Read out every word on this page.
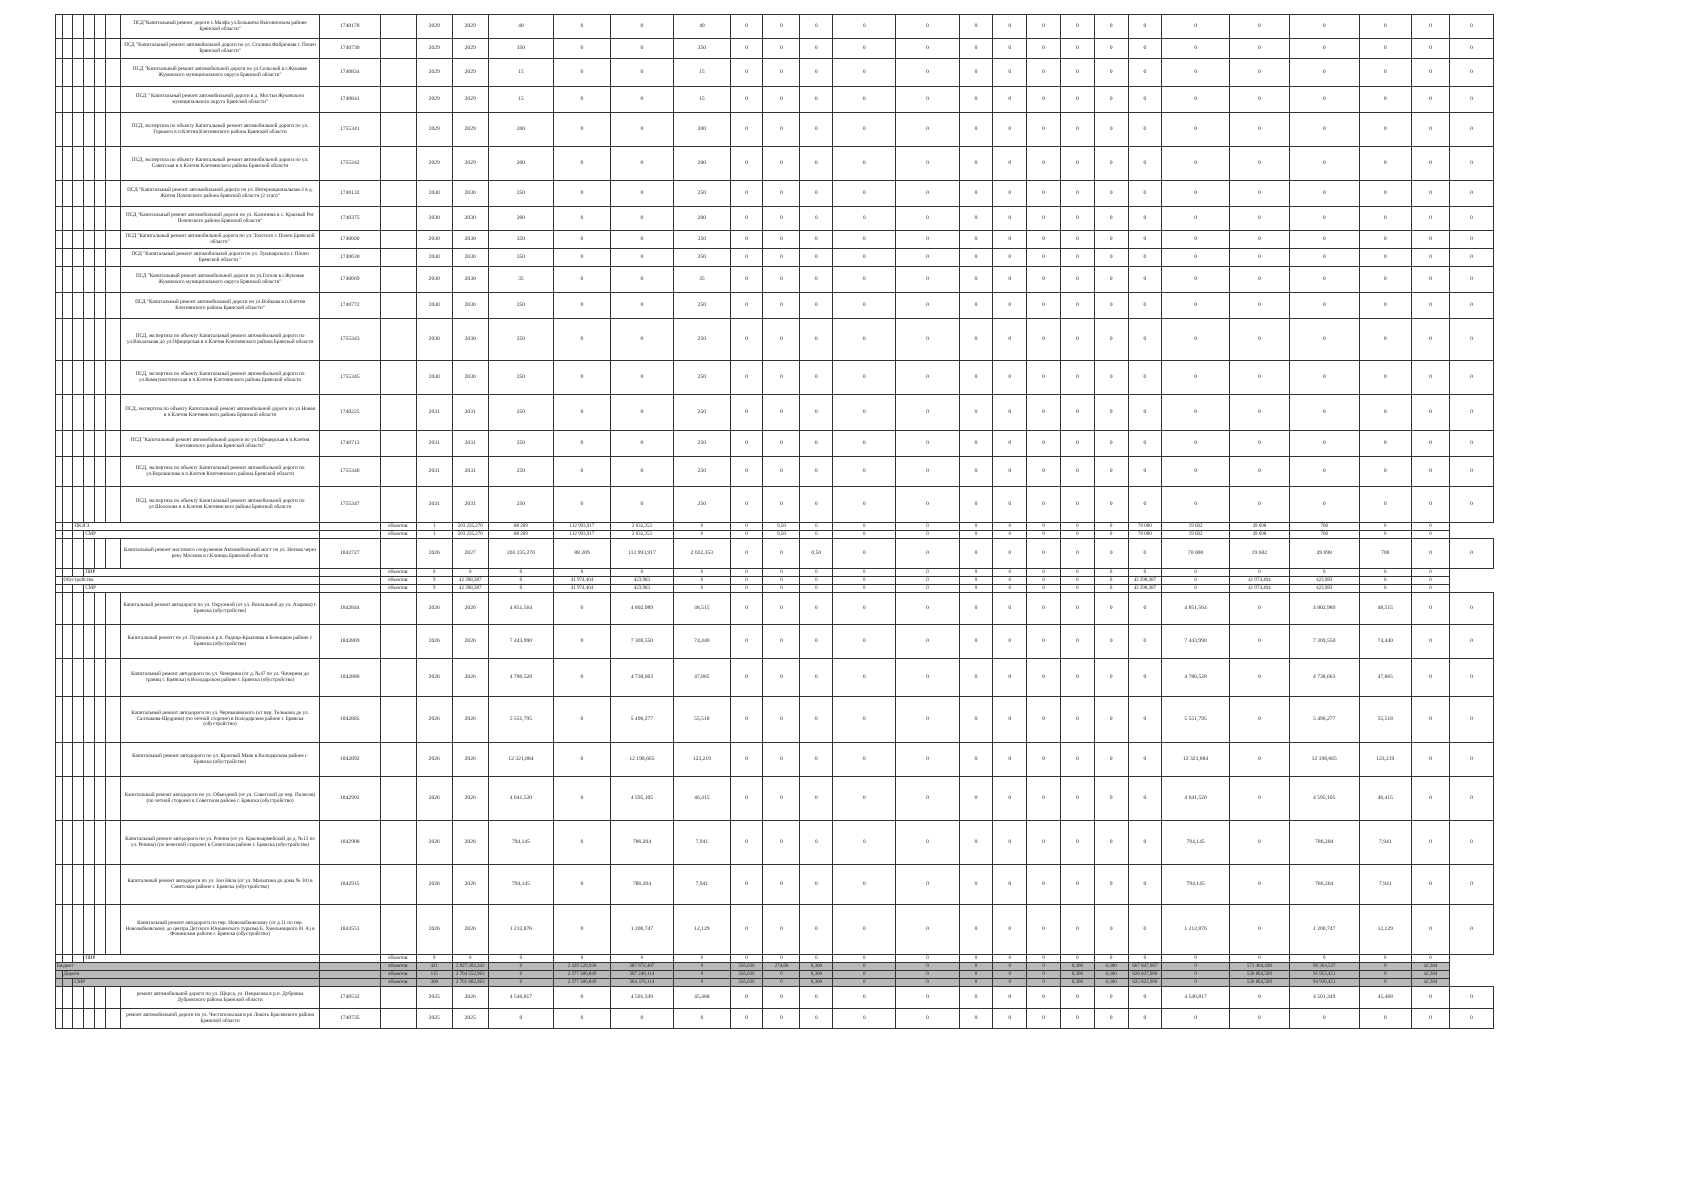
						ПСД"Капитальный ремонт дороги с.Малфа ул.Большеча Выгоничском районе Брянской области"	1740178		2029	2029	40	0	0	40	0	0	0	0	0	0	0	0	0	0	0	0	0	0	0	0	0
						ПСД "Капитальный ремонт автомобильной дороги по ул. Сталина Фабричная г. Почеп Брянской области"	1740730		2029	2029	350	0	0	350	0	0	0	0	0	0	0	0	0	0	0	0	0	0	0	0	0
						ПСД "Капитальный ремонт автомобильной дороги по ул.Сельской в г.Жуковке Жуковского муниципального округа Брянской области"	1740834		2029	2029	15	0	0	15	0	0	0	0	0	0	0	0	0	0	0	0	0	0	0	0	0
						ПСД " Капитальный ремонт автомобильной дороги в д. Мостки Жуковского муниципального округа Брянской области"	1740841		2029	2029	15	0	0	15	0	0	0	0	0	0	0	0	0	0	0	0	0	0	0	0	0
						ПСД, экспертиза по объекту Капитальный ремонт автомобильной дороги по ул. Горького в п.Клетня Клетнянского района Брянской области	1755341		2029	2029	200	0	0	200	0	0	0	0	0	0	0	0	0	0	0	0	0	0	0	0	0
						ПСД, экспертиза по объекту Капитальный ремонт автомобильной дороги по ул. Советская в п.Клетня Клетнянского района Брянской области	1755342		2029	2029	200	0	0	200	0	0	0	0	0	0	0	0	0	0	0	0	0	0	0	0	0
						ПСД "Капитальный ремонт автомобильной дороги по ул. Интернациональная-2 в д. Житня Почепского района Брянской области (2 этап)"	1740132		2030	2030	250	0	0	250	0	0	0	0	0	0	0	0	0	0	0	0	0	0	0	0	0
						ПСД "Капитальный ремонт автомобильной дороги по ул. Калинина в с. Красный Рог Почепского района Брянской области"	1740375		2030	2030	200	0	0	200	0	0	0	0	0	0	0	0	0	0	0	0	0	0	0	0	0
						ПСД "Капитальный ремонт автомобильной дороги по ул. Толстого г. Почеп Брянской области"	1740600		2030	2030	350	0	0	350	0	0	0	0	0	0	0	0	0	0	0	0	0	0	0	0	0
						ПСД "Капитальный ремонт автомобильной дороги по ул. Луначарского г. Почеп Брянской области "	1740630		2030	2030	350	0	0	350	0	0	0	0	0	0	0	0	0	0	0	0	0	0	0	0	0
						ПСД "Капитальный ремонт автомобильной дороги по ул.Гоголя в г.Жуковке Жуковского муниципального округа Брянской области"	1740669		2030	2030	35	0	0	35	0	0	0	0	0	0	0	0	0	0	0	0	0	0	0	0	0
						ПСД "Капитальный ремонт автомобильной дороги по ул.Войкова в п.Клетня Клетнянского района Брянской области"	1740772		2030	2030	250	0	0	250	0	0	0	0	0	0	0	0	0	0	0	0	0	0	0	0	0
						ПСД, экспертиза по объекту Капитальный ремонт автомобильной дороги по ул.Вокзальная до ул.Офицерская в п.Клетня Клетнянского района Брянской области	1755343		2030	2030	250	0	0	250	0	0	0	0	0	0	0	0	0	0	0	0	0	0	0	0	0
						ПСД, экспертиза по объекту Капитальный ремонт автомобильной дороги по ул.Коммунистическая в п.Клетня Клетнянского района Брянской области	1755345		2030	2030	250	0	0	250	0	0	0	0	0	0	0	0	0	0	0	0	0	0	0	0	0
						ПСД, экспертиза по объекту Капитальный ремонт автомобильной дороги по ул.Новая в п.Клетня Клетнянского района Брянской области	1740225		2031	2031	250	0	0	250	0	0	0	0	0	0	0	0	0	0	0	0	0	0	0	0	0
						ПСД "Капитальный ремонт автомобильной дороги по ул.Офицерская в п.Клетня Клетнянского района Брянской области"	1740713		2031	2031	250	0	0	250	0	0	0	0	0	0	0	0	0	0	0	0	0	0	0	0	0
						ПСД, экспертиза по объекту Капитальный ремонт автомобильной дороги по ул.Ворошилова в п.Клетня Клетнянского района Брянской области	1755346		2031	2031	250	0	0	250	0	0	0	0	0	0	0	0	0	0	0	0	0	0	0	0	0
						ПСД, экспертиза по объекту Капитальный ремонт автомобильной дороги по ул.Шолохова в п.Клетня Клетнянского района Брянской области	1755347		2031	2031	250	0	0	250	0	0	0	0	0	0	0	0	0	0	0	0	0	0	0	0	0
		ПКЗГЗ						объектов:	1	203 235,270	88 209	112 993,917	2 032,353	0	0	0,50	0	0	0	0	0	0	0	0	70 000	19 602	49 698	700	0	0	
			СМР					объектов:	1	203 235,270	88 209	112 993,917	2 032,353	0	0	0,50	0	0	0	0	0	0	0	0	70 000	19 602	49 698	700	0	0	
						Капитальный ремонт мостового сооружения Автомобильный мост по ул. Нотова через реку Москова в г.Клинцы Брянской области	1842727		2026	2027	203 235,270	88 209	112 993,917	2 032,353	0	0	0,50	0	0	0	0	0	0	0	0	70 000	19 602	49 698	700	0	0
			ПИР					объектов:	0	0	0	0	0	0	0	0	0	0	0	0	0	0	0	0	0	0	0	0	0	0	
	Обустройство							объектов:	9	42 398,387	0	41 974,404	423,983	0	0	0	0	0	0	0	0	0	0	0	42 398,387	0	41 974,404	423,983	0	0	
			СМР					объектов:	9	42 398,387	0	41 974,404	423,983	0	0	0	0	0	0	0	0	0	0	0	42 398,387	0	41 974,404	423,983	0	0	
						Капитальный ремонт автодороги по ул. Окружной (от ул. Вокзальной до ул. Азарова) г. Брянска (обустройство)	1842844		2026	2026	4 851,564	0	4 802,989	48,515	0	0	0	0	0	0	0	0	0	0	0	4 851,564	0	4 802,989	48,515	0	0
						Капитальный ремонт по ул. Пушкина в р.п. Радица-Крыловка в Бежицком районе г. Брянска (обустройство)	1842869		2026	2026	7 443,990	0	7 369,550	74,440	0	0	0	0	0	0	0	0	0	0	0	7 443,990	0	7 369,550	74,440	0	0
						Капитальный ремонт автодороги по ул. Чичерина (от д. №47 по ул. Чичерина до границ г. Брянска) в Володарском районе г. Брянска (обустройство)	1842880		2026	2026	4 786,528	0	4 738,663	47,865	0	0	0	0	0	0	0	0	0	0	0	4 786,528	0	4 738,663	47,865	0	0
						Капитальный ремонт автодороги по ул. Чернышевского (от пер. Тельмана до ул. Салтыкова-Щедрина) (по четной стороне) в Володарском районе г. Брянска (обустройство)	1842885		2026	2026	5 551,795	0	5 496,277	55,518	0	0	0	0	0	0	0	0	0	0	0	5 551,795	0	5 496,277	55,518	0	0
						Капитальный ремонт автодороги по ул. Красный Маяк в Володарском районе г. Брянска (обустройство)	1842892		2026	2026	12 321,884	0	12 198,665	123,219	0	0	0	0	0	0	0	0	0	0	0	12 321,884	0	12 198,665	123,219	0	0
						Капитальный ремонт автодороги по ул. Объездной (от ул. Советской до пер. Полесов) (по четной стороне) в Советском районе г. Брянска (обустройство)	1842902		2026	2026	4 641,520	0	4 595,105	46,415	0	0	0	0	0	0	0	0	0	0	0	4 641,520	0	4 595,105	46,415	0	0
						Капитальный ремонт автодороги по ул. Репина (от ул. Красноармейской до д. №13 по ул. Репина) (по нечетной стороне) в Советском районе г. Брянска (обустройство)	1842908		2026	2026	794,145	0	786,204	7,941	0	0	0	0	0	0	0	0	0	0	0	794,145	0	786,204	7,941	0	0
						Капитальный ремонт автодороги по ул. Зои Няла (от ул. Малыгина до дома № 30) в Советском районе г. Брянска (обустройство)	1842915		2026	2026	794,145	0	786,204	7,941	0	0	0	0	0	0	0	0	0	0	0	794,145	0	786,204	7,941	0	0
						Капитальный ремонт автодороги по пер. Новозыбковскому (от д.11 по пер. Новозыбковскому до центра Детского Юношеского туризма Б. Хмельницкого 81 А) в Фокинском районе г. Брянска (обустройство)	1843551		2026	2026	1 212,876	0	1 200,747	12,129	0	0	0	0	0	0	0	0	0	0	0	1 212,876	0	1 200,747	12,129	0	0
			ПИР					объектов:	0	0	0	0	0	0	0	0	0	0	0	0	0	0	0	0	0	0	0	0	0	0	
Бюджет								объектов:	421	2 827 202,343	0	2 439 529,936	387 672,407	0	256,636	274,66	0,300	0	0	0	0	0	0,300	0,300	667 847,967	0	571 484,430	96 363,537	0	42,364	
	Дороги							объектов:	115	2 764 552,963	0	2 377 306,849	387 246,114	0	256,636	0	0,300	0	0	0	0	0	0,300	0,300	626 837,960	0	530 884,509	95 953,451	0	42,364	
		СМР						объектов:	360	2 761 682,963	0	2 377 306,849	384 376,114	0	256,636	0	0,300	0	0	0	0	0	0,300	0,300	625 823,960	0	530 884,509	94 939,451	0	42,364	
						ремонт автомобильной дороги по ул. Щорса, ул. Некрасова в р.п. Дубровка Дубровского района Брянской области	1740532		2025	2026	4 546,817	0	4 501,349	45,468	0	0	0	0	0	0	0	0	0	0	0	4 546,817	0	4 501,349	45,468	0	0
						ремонт автомобильной дороги по ул. Чистопольская в рп Локоть Брасовского района Брянской области	1740735		2025	2025	0	0	0	0	0	0	0	0	0	0	0	0	0	0	0	0	0	0	0	0	0
